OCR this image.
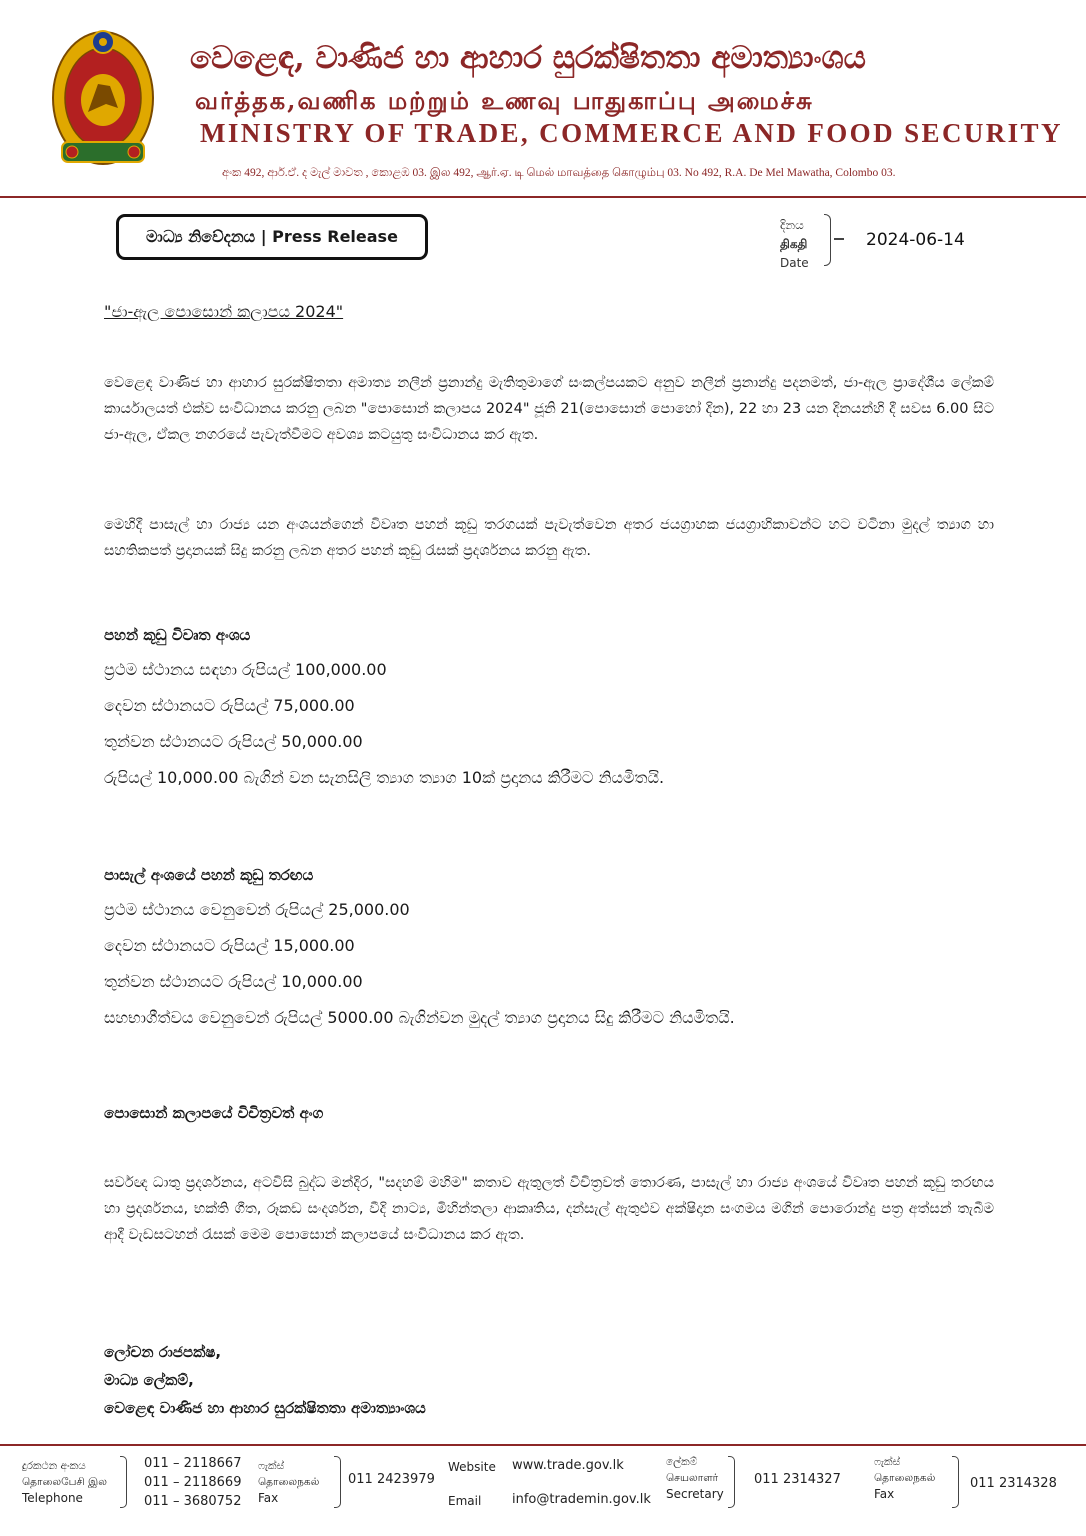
වෙළෙඳ, වාණිජ හා ආහාර සුරක්ෂිතතා අමාත්‍යාංශය
வர்த்தக,வணிக மற்றும் உணவு பாதுகாப்பு அமைச்சு
MINISTRY OF TRADE, COMMERCE AND FOOD SECURITY
අංක 492, ආර්.ඒ. ද මැල් මාවත , කොළඹ 03. இல 492, ஆர்.ஏ. டி மெல் மாவத்தை கொழும்பு 03. No 492, R.A. De Mel Mawatha, Colombo 03.
මාධ්‍ය නිවේදනය | Press Release
දිනය
திகதி
Date
2024-06-14
"ජා-ඇල පොසොන් කලාපය 2024"
වෙළෙඳ වාණිජ හා ආහාර සුරක්ෂිතතා අමාත්‍ය නලීන් ප්‍රනාන්දු මැතිතුමාගේ සංකල්පයකට අනුව නලීන් ප්‍රනාන්දු පදනමත්, ජා-ඇල ප්‍රාදේශීය ලේකම් කාර්යාලයත් එක්ව සංවිධානය කරනු ලබන "පොසොන් කලාපය 2024" ජූනි 21(පොසොන් පොහෝ දින), 22 හා 23 යන දිනයන්හි දී සවස 6.00 සිට ජා-ඇල, ඒකල නගරයේ පැවැත්වීමට අවශ්‍ය කටයුතු සංවිධානය කර ඇත.
මෙහිදී පාසැල් හා රාජ්‍ය යන අංශයන්ගෙන් විවෘත පහන් කූඩු තරගයක් පැවැත්වෙන අතර ජයග්‍රාහක ජයග්‍රාහිකාවන්ට හට වටිනා මුදල් ත්‍යාග හා සහතිකපත් ප්‍රදානයක් සිදු කරනු ලබන අතර පහන් කූඩු රැසක් ප්‍රදර්ශනය කරනු ඇත.
පහන් කූඩු විවෘත අංශය
ප්‍රථම ස්ථානය සඳහා රුපියල් 100,000.00
දෙවන ස්ථානයට රුපියල් 75,000.00
තුන්වන ස්ථානයට රුපියල් 50,000.00
රුපියල් 10,000.00 බැගින් වන සැනසිලි ත්‍යාග ත්‍යාග 10ක් ප්‍රදානය කිරීමට නියමිතයි.
පාසැල් අංශයේ පහන් කූඩු තරඟය
ප්‍රථම ස්ථානය වෙනුවෙන් රුපියල් 25,000.00
දෙවන ස්ථානයට රුපියල් 15,000.00
තුන්වන ස්ථානයට රුපියල් 10,000.00
සහභාගීත්වය වෙනුවෙන් රුපියල් 5000.00 බැගින්වන මුදල් ත්‍යාග ප්‍රදානය සිදු කිරීමට නියමිතයි.
පොසොන් කලාපයේ විචිත්‍රවත් අංග
සර්වඥ ධාතු ප්‍රදර්ශනය, අටවිසි බුද්ධ මන්දිර, "සදහම් මහිම" කතාව ඇතුලත් විචිත්‍රවත් තොරණ, පාසැල් හා රාජ්‍ය අංශයේ විවෘත පහන් කූඩු තරඟය හා ප්‍රදර්ශනය, භක්ති ගීත, රූකඩ සංදර්ශන, වීදි නාට්‍ය, මිහින්තලා ආකෘතිය, දන්සැල් ඇතුළුව අක්ෂිදාන සංගමය මගින් පොරොන්දු පත්‍ර අත්සන් තැබීම ආදී වැඩසටහන් රැසක් මෙම පොසොන් කලාපයේ සංවිධානය කර ඇත.
ලෝචන රාජපක්ෂ,
මාධ්‍ය ලේකම්,
වෙළෙඳ වාණිජ හා ආහාර සුරක්ෂිතතා අමාත්‍යාංශය
දුරකථන අංකය
தொலைபேசி இல
Telephone
011 – 2118667
011 – 2118669
011 – 3680752
ෆැක්ස්
தொலைநகல்
Fax
011 2423979
Website www.trade.gov.lk
Email info@trademin.gov.lk
ලේකම්
செயலாளர்
Secretary
011 2314327
ෆැක්ස්
தொலைநகல்
Fax
011 2314328
